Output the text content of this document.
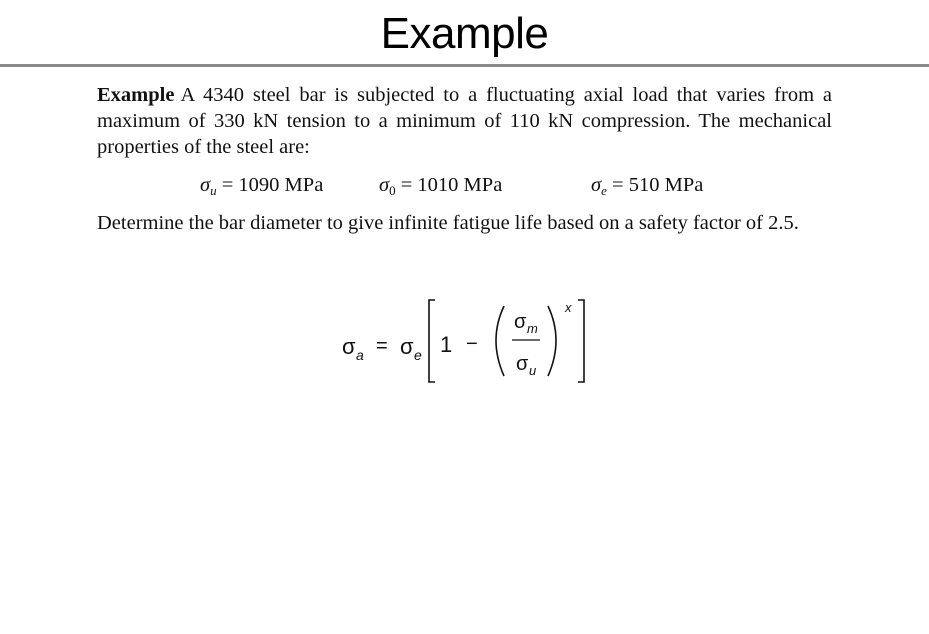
Example

Example A 4340 steel bar is subjected to a fluctuating axial load that varies from a maximum of 330 kN tension to a minimum of 110 kN compression. The mechanical properties of the steel are:

$\sigma_u = 1090$ MPa	$\sigma_0 = 1010$ MPa	$\sigma_e = 510$ MPa

Determine the bar diameter to give infinite fatigue life based on a safety factor of 2.5.

σ a = σ e 1 −
σ m
σ u
x
